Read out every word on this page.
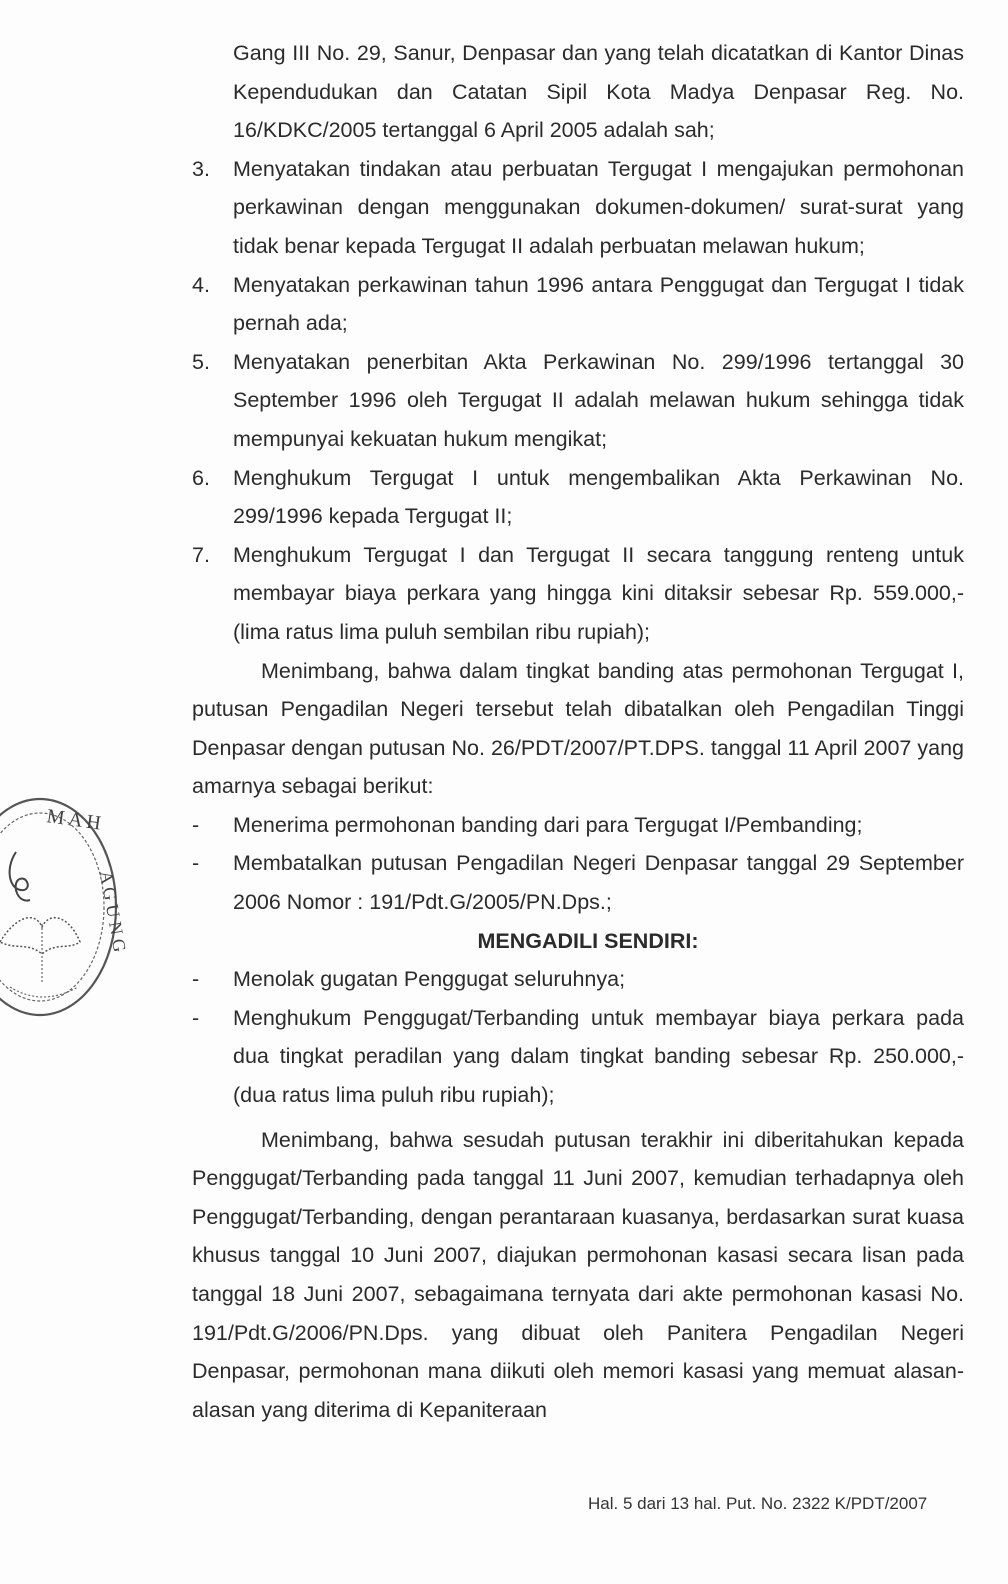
M A H
A G U N G

Gang III No. 29, Sanur, Denpasar dan yang telah dicatatkan di Kantor Dinas Kependudukan dan Catatan Sipil Kota Madya Denpasar Reg. No. 16/KDKC/2005 tertanggal 6 April 2005 adalah sah;

3.	Menyatakan tindakan atau perbuatan Tergugat I mengajukan permohonan perkawinan dengan menggunakan dokumen-dokumen/ surat-surat yang tidak benar kepada Tergugat II adalah perbuatan melawan hukum;
4.	Menyatakan perkawinan tahun 1996 antara Penggugat dan Tergugat I tidak pernah ada;
5.	Menyatakan penerbitan Akta Perkawinan No. 299/1996 tertanggal 30 September 1996 oleh Tergugat II adalah melawan hukum sehingga tidak mempunyai kekuatan hukum mengikat;
6.	Menghukum Tergugat I untuk mengembalikan Akta Perkawinan No. 299/1996 kepada Tergugat II;
7.	Menghukum Tergugat I dan Tergugat II secara tanggung renteng untuk membayar biaya perkara yang hingga kini ditaksir sebesar Rp. 559.000,- (lima ratus lima puluh sembilan ribu rupiah);

Menimbang, bahwa dalam tingkat banding atas permohonan Tergugat I, putusan Pengadilan Negeri tersebut telah dibatalkan oleh Pengadilan Tinggi Denpasar dengan putusan No. 26/PDT/2007/PT.DPS. tanggal 11 April 2007 yang amarnya sebagai berikut:

-	Menerima permohonan banding dari para Tergugat I/Pembanding;
-	Membatalkan putusan Pengadilan Negeri Denpasar tanggal 29 September 2006 Nomor : 191/Pdt.G/2005/PN.Dps.;

MENGADILI SENDIRI:

-	Menolak gugatan Penggugat seluruhnya;
-	Menghukum Penggugat/Terbanding untuk membayar biaya perkara pada dua tingkat peradilan yang dalam tingkat banding sebesar Rp. 250.000,- (dua ratus lima puluh ribu rupiah);

Menimbang, bahwa sesudah putusan terakhir ini diberitahukan kepada Penggugat/Terbanding pada tanggal 11 Juni 2007, kemudian terhadapnya oleh Penggugat/Terbanding, dengan perantaraan kuasanya, berdasarkan surat kuasa khusus tanggal 10 Juni 2007, diajukan permohonan kasasi secara lisan pada tanggal 18 Juni 2007, sebagaimana ternyata dari akte permohonan kasasi No. 191/Pdt.G/2006/PN.Dps. yang dibuat oleh Panitera Pengadilan Negeri Denpasar, permohonan mana diikuti oleh memori kasasi yang memuat alasan-alasan yang diterima di Kepaniteraan

Hal. 5 dari 13 hal. Put. No. 2322 K/PDT/2007
